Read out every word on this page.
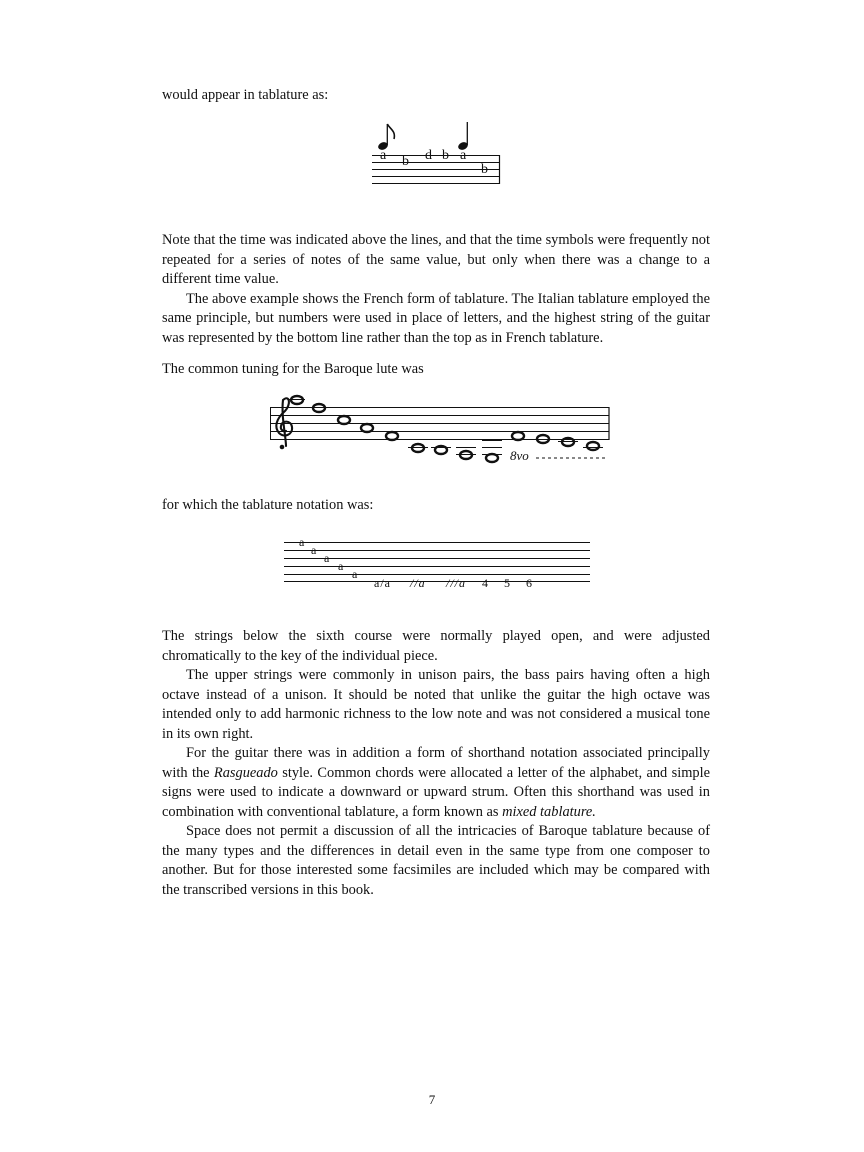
would appear in tablature as:

a b d b a
b

Note that the time was indicated above the lines, and that the time symbols were frequently not repeated for a series of notes of the same value, but only when there was a change to a different time value.

The above example shows the French form of tablature. The Italian tablature employed the same principle, but numbers were used in place of letters, and the highest string of the guitar was represented by the bottom line rather than the top as in French tablature.

The common tuning for the Baroque lute was

8vo

for which the tablature notation was:

a
a
a
a
a
a/a //a ///a 4 5 6

The strings below the sixth course were normally played open, and were adjusted chromatically to the key of the individual piece.

The upper strings were commonly in unison pairs, the bass pairs having often a high octave instead of a unison. It should be noted that unlike the guitar the high octave was intended only to add harmonic richness to the low note and was not considered a musical tone in its own right.

For the guitar there was in addition a form of shorthand notation associated principally with the Rasgueado style. Common chords were allocated a letter of the alphabet, and simple signs were used to indicate a downward or upward strum. Often this shorthand was used in combination with conventional tablature, a form known as mixed tablature.

Space does not permit a discussion of all the intricacies of Baroque tablature because of the many types and the differences in detail even in the same type from one composer to another. But for those interested some facsimiles are included which may be compared with the transcribed versions in this book.

7
